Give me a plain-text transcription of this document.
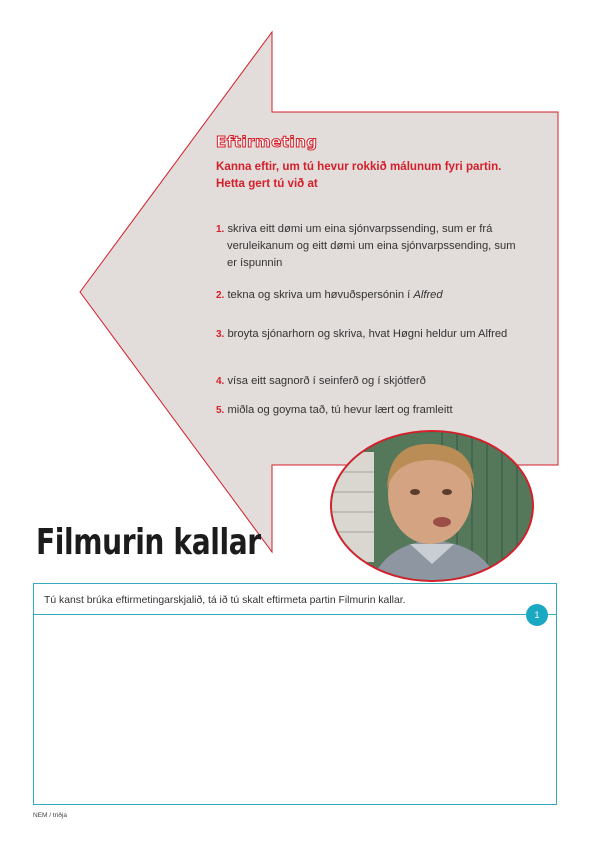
Eftirmeting

Kanna eftir, um tú hevur rokkið málunum fyri partin.

Hetta gert tú við at

1. skriva eitt dømi um eina sjónvarpssending, sum er frá veruleikanum og eitt dømi um eina sjónvarpssending, sum er íspunnin
2. tekna og skriva um høvuðspersónin í Alfred
3. broyta sjónarhorn og skriva, hvat Høgni heldur um Alfred
4. vísa eitt sagnorð í seinferð og í skjótferð
5. miðla og goyma tað, tú hevur lært og framleitt
Filmurin kallar

Tú kanst brúka eftirmetingarskjalið, tá ið tú skalt eftirmeta partin Filmurin kallar.

1

NEM / triðja
